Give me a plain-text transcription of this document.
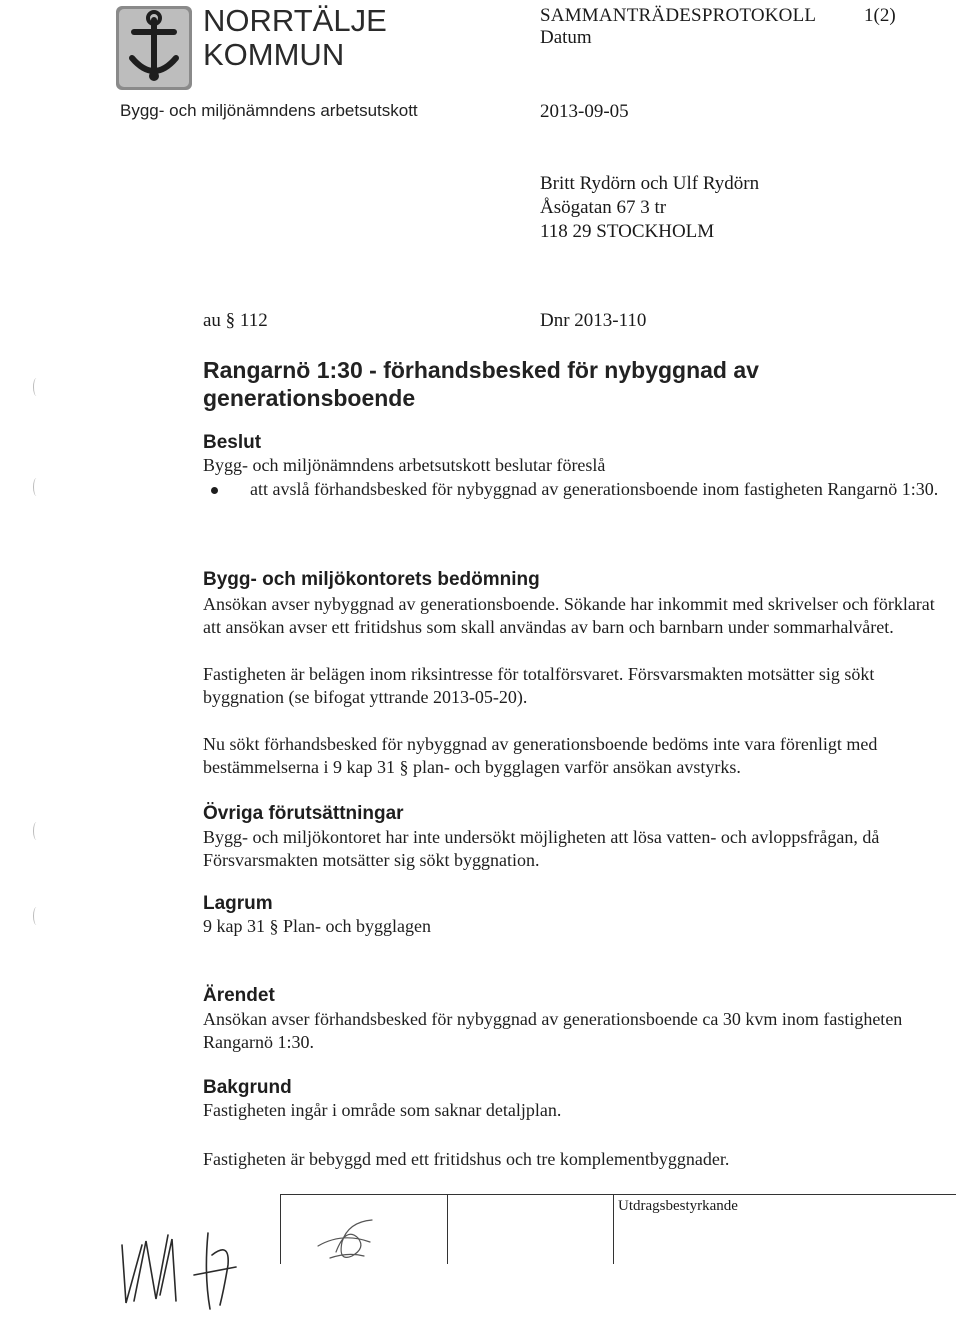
NORRTÄLJE
KOMMUN
Bygg- och miljönämndens arbetsutskott
SAMMANTRÄDESPROTOKOLL	1(2)
Datum
2013-09-05
Britt Rydörn och Ulf Rydörn
Åsögatan 67 3 tr
118 29 STOCKHOLM
au § 112	Dnr 2013-110
Rangarnö 1:30 - förhandsbesked för nybyggnad av generationsboende
Beslut
Bygg- och miljönämndens arbetsutskott beslutar föreslå
att avslå förhandsbesked för nybyggnad av generationsboende inom fastigheten Rangarnö 1:30.
Bygg- och miljökontorets bedömning
Ansökan avser nybyggnad av generationsboende. Sökande har inkommit med skrivelser och förklarat att ansökan avser ett fritidshus som skall användas av barn och barnbarn under sommarhalvåret.
Fastigheten är belägen inom riksintresse för totalförsvaret. Försvarsmakten motsätter sig sökt byggnation (se bifogat yttrande 2013-05-20).
Nu sökt förhandsbesked för nybyggnad av generationsboende bedöms inte vara förenligt med bestämmelserna i 9 kap 31 § plan- och bygglagen varför ansökan avstyrks.
Övriga förutsättningar
Bygg- och miljökontoret har inte undersökt möjligheten att lösa vatten- och avloppsfrågan, då Försvarsmakten motsätter sig sökt byggnation.
Lagrum
9 kap 31 § Plan- och bygglagen
Ärendet
Ansökan avser förhandsbesked för nybyggnad av generationsboende ca 30 kvm inom fastigheten Rangarnö 1:30.
Bakgrund
Fastigheten ingår i område som saknar detaljplan.
Fastigheten är bebyggd med ett fritidshus och tre komplementbyggnader.
Utdragsbestyrkande
